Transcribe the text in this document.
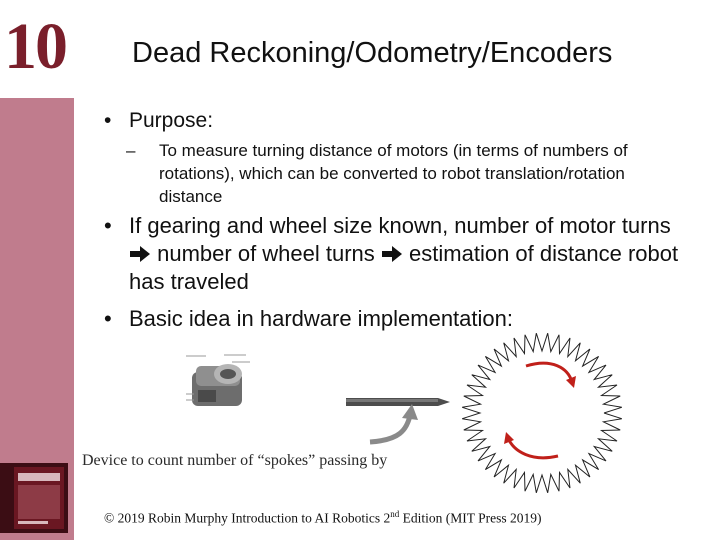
10 Dead Reckoning/Odometry/Encoders
• Purpose:
– To measure turning distance of motors (in terms of numbers of rotations), which can be converted to robot translation/rotation distance
• If gearing and wheel size known, number of motor turns  number of wheel turns estimation of distance robot has traveled
• Basic idea in hardware implementation:
Device to count number of “spokes” passing by
© 2019 Robin Murphy Introduction to AI Robotics 2nd Edition (MIT Press 2019)
